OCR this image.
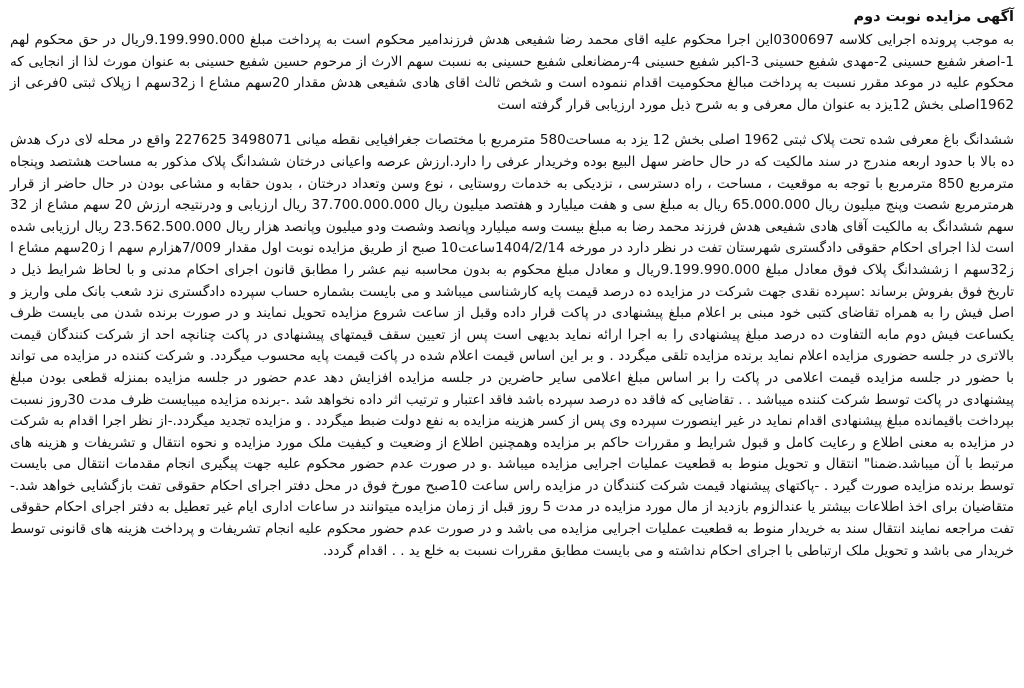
آگهی مزایده نوبت دوم

به موجب پرونده اجرایی کلاسه 0300697این اجرا محکوم علیه اقای محمد رضا شفیعی هدش فرزندامیر محکوم است به پرداخت مبلغ 9.199.990.000ریال در حق محکوم لهم 1-اصغر شفیع حسینی 2-مهدی شفیع حسینی 3-اکبر شفیع حسینی 4-رمضانعلی شفیع حسینی به نسبت سهم الارث از مرحوم حسین شفیع حسینی به عنوان مورث لذا از انجایی که محکوم علیه در موعد مقرر نسبت به پرداخت مبالغ محکومیت اقدام ننموده است و شخص ثالث اقای هادی شفیعی هدش مقدار 20سهم مشاع ا ز32سهم ا زپلاک ثبتی 0فرعی از 1962اصلی بخش 12یزد به عنوان مال معرفی و به شرح ذیل مورد ارزیابی قرار گرفته است

ششدانگ باغ معرفی شده تحت پلاک ثبتی 1962 اصلی بخش 12 یزد به مساحت580 مترمربع با مختصات جغرافیایی نقطه میانی 3498071 227625 واقع در محله لای درک هدش ده بالا با حدود اربعه مندرج در سند مالکیت که در حال حاضر سهل البیع بوده وخریدار عرفی را دارد.ارزش عرصه واعیانی درختان ششدانگ پلاک مذکور به مساحت هشتصد وپنجاه مترمربع 850 مترمربع با توجه به موقعیت ، مساحت ، راه دسترسی ، نزدیکی به خدمات روستایی ، نوع وسن وتعداد درختان ، بدون حقابه و مشاعی بودن در حال حاضر از قرار هرمترمربع شصت وپنج میلیون ریال 65.000.000 ریال به مبلغ سی و هفت میلیارد و هفتصد میلیون ریال 37.700.000.000 ریال ارزیابی و ودرنتیجه ارزش 20 سهم مشاع از 32 سهم ششدانگ به مالکیت آقای هادی شفیعی هدش فرزند محمد رضا به مبلغ بیست وسه میلیارد وپانصد وشصت ودو میلیون وپانصد هزار ریال 23.562.500.000 ریال ارزیابی شده است لذا اجرای احکام حقوقی دادگستری شهرستان تفت در نظر دارد در مورخه 1404/2/14ساعت10 صبح از طریق مزایده نوبت اول مقدار 7/009هزارم سهم ا ز20سهم مشاع ا ز32سهم ا زششدانگ پلاک فوق معادل مبلغ 9.199.990.000ریال و معادل مبلغ محکوم به بدون محاسبه نیم عشر را مطابق قانون اجرای احکام مدنی و با لحاظ شرایط ذیل د تاریخ فوق بفروش برساند :سپرده نقدی جهت شرکت در مزایده ده درصد قیمت پایه کارشناسی میباشد و می بایست بشماره حساب سپرده دادگستری نزد شعب بانک ملی واریز و اصل فیش را به همراه تقاضای کتبی خود مبنی بر اعلام مبلغ پیشنهادی در پاکت قرار داده وقبل از ساعت شروع مزایده تحویل نمایند و در صورت برنده شدن می بایست ظرف یکساعت فیش دوم مابه التفاوت ده درصد مبلغ پیشنهادی را به اجرا ارائه نماید بدیهی است پس از تعیین سقف قیمتهای پیشنهادی در پاکت چنانچه احد از شرکت کنندگان قیمت بالاتری در جلسه حضوری مزایده اعلام نماید برنده مزایده تلقی میگردد . و بر این اساس قیمت اعلام شده در پاکت قیمت پایه محسوب میگردد. و شرکت کننده در مزایده می تواند با حضور در جلسه مزایده قیمت اعلامی در پاکت را بر اساس مبلغ اعلامی سایر حاضرین در جلسه مزایده افزایش دهد عدم حضور در جلسه مزایده بمنزله قطعی بودن مبلغ پیشنهادی در پاکت توسط شرکت کننده میباشد . . تقاضایی که فاقد ده درصد سپرده باشد فاقد اعتبار و ترتیب اثر داده نخواهد شد .-برنده مزایده میبایست ظرف مدت 30روز نسبت بپرداخت باقیمانده مبلغ پیشنهادی اقدام نماید در غیر اینصورت سپرده وی پس از کسر هزینه مزایده به نفع دولت ضبط میگردد . و مزایده تجدید میگردد.-از نظر اجرا اقدام به شرکت در مزایده به معنی اطلاع و رعایت کامل و قبول شرایط و مقررات حاکم بر مزایده وهمچنین اطلاع از وضعیت و کیفیت ملک مورد مزایده و نحوه انتقال و تشریفات و هزینه های مرتبط با آن میباشد.ضمنا" انتقال و تحویل منوط به قطعیت عملیات اجرایی مزایده میباشد .و در صورت عدم حضور محکوم علیه جهت پیگیری انجام مقدمات انتقال می بایست توسط برنده مزایده صورت گیرد . -پاکتهای پیشنهاد قیمت شرکت کنندگان در مزایده راس ساعت 10صبح مورخ فوق در محل دفتر اجرای احکام حقوقی تفت بازگشایی خواهد شد.-متقاضیان برای اخذ اطلاعات بیشتر یا عندالزوم بازدید از مال مورد مزایده در مدت 5 روز قبل از زمان مزایده میتوانند در ساعات اداری ایام غیر تعطیل به دفتر اجرای احکام حقوقی تفت مراجعه نمایند انتقال سند به خریدار منوط به قطعیت عملیات اجرایی مزایده می باشد و در صورت عدم حضور محکوم علیه انجام تشریفات و پرداخت هزینه های قانونی توسط خریدار می باشد و تحویل ملک ارتباطی با اجرای احکام نداشته و می بایست مطابق مقررات نسبت به خلع ید . . اقدام گردد.
